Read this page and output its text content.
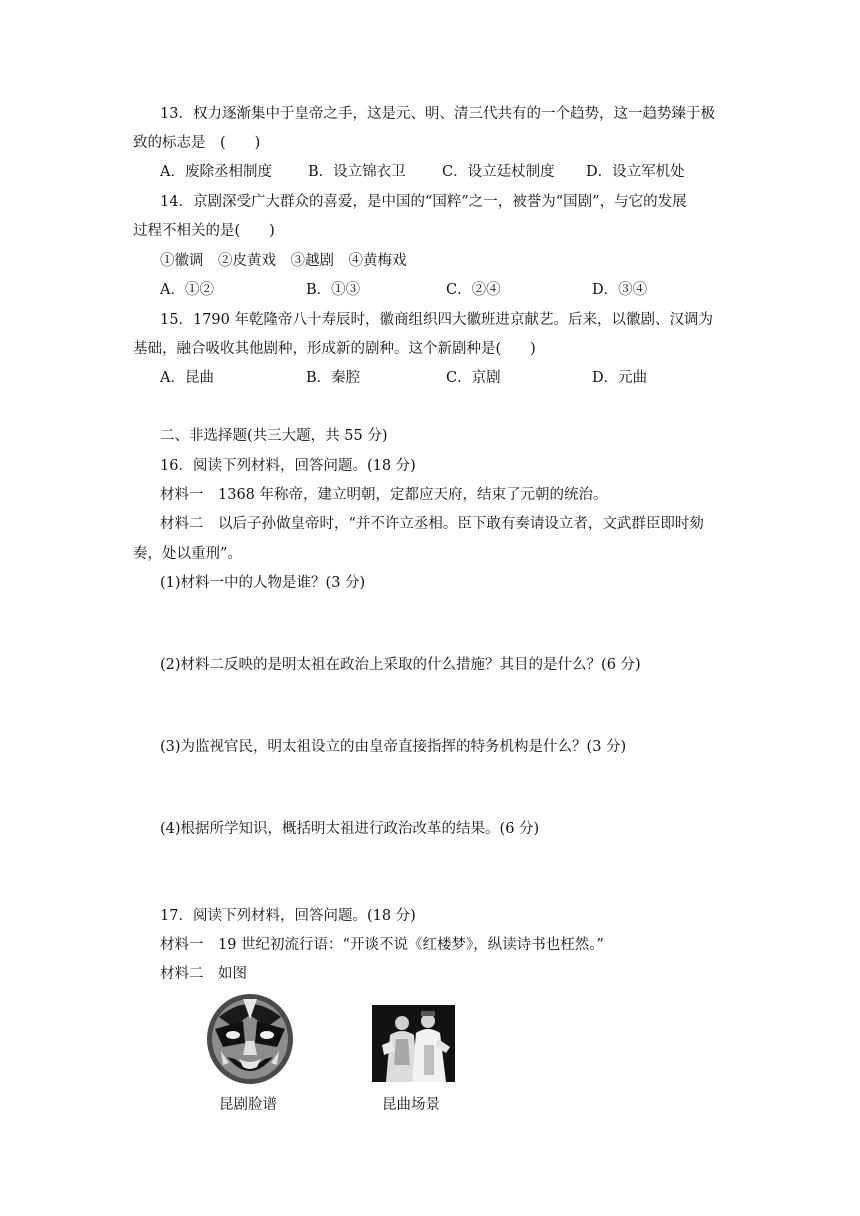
13．权力逐渐集中于皇帝之手，这是元、明、清三代共有的一个趋势，这一趋势臻于极
致的标志是　(　　)
A．废除丞相制度 B．设立锦衣卫	C．设立廷杖制度 D．设立军机处
14．京剧深受广大群众的喜爱，是中国的“国粹”之一，被誉为“国剧”，与它的发展
过程不相关的是(　　)
①徽调　②皮黄戏　③越剧　④黄梅戏
A．①②	B．①③	C．②④	D．③④
15．1790 年乾隆帝八十寿辰时，徽商组织四大徽班进京献艺。后来，以徽剧、汉调为
基础，融合吸收其他剧种，形成新的剧种。这个新剧种是(　　)
A．昆曲	B．秦腔	C．京剧	D．元曲
二、非选择题(共三大题，共 55 分)
16．阅读下列材料，回答问题。(18 分)
材料一　1368 年称帝，建立明朝，定都应天府，结束了元朝的统治。
材料二　以后子孙做皇帝时，“并不许立丞相。臣下敢有奏请设立者，文武群臣即时劾
奏，处以重刑”。
(1)材料一中的人物是谁？(3 分)
(2)材料二反映的是明太祖在政治上采取的什么措施？其目的是什么？(6 分)
(3)为监视官民，明太祖设立的由皇帝直接指挥的特务机构是什么？(3 分)
(4)根据所学知识，概括明太祖进行政治改革的结果。(6 分)
17．阅读下列材料，回答问题。(18 分)
材料一　19 世纪初流行语：“开谈不说《红楼梦》，纵读诗书也枉然。”
材料二　如图
昆剧脸谱	昆曲场景
